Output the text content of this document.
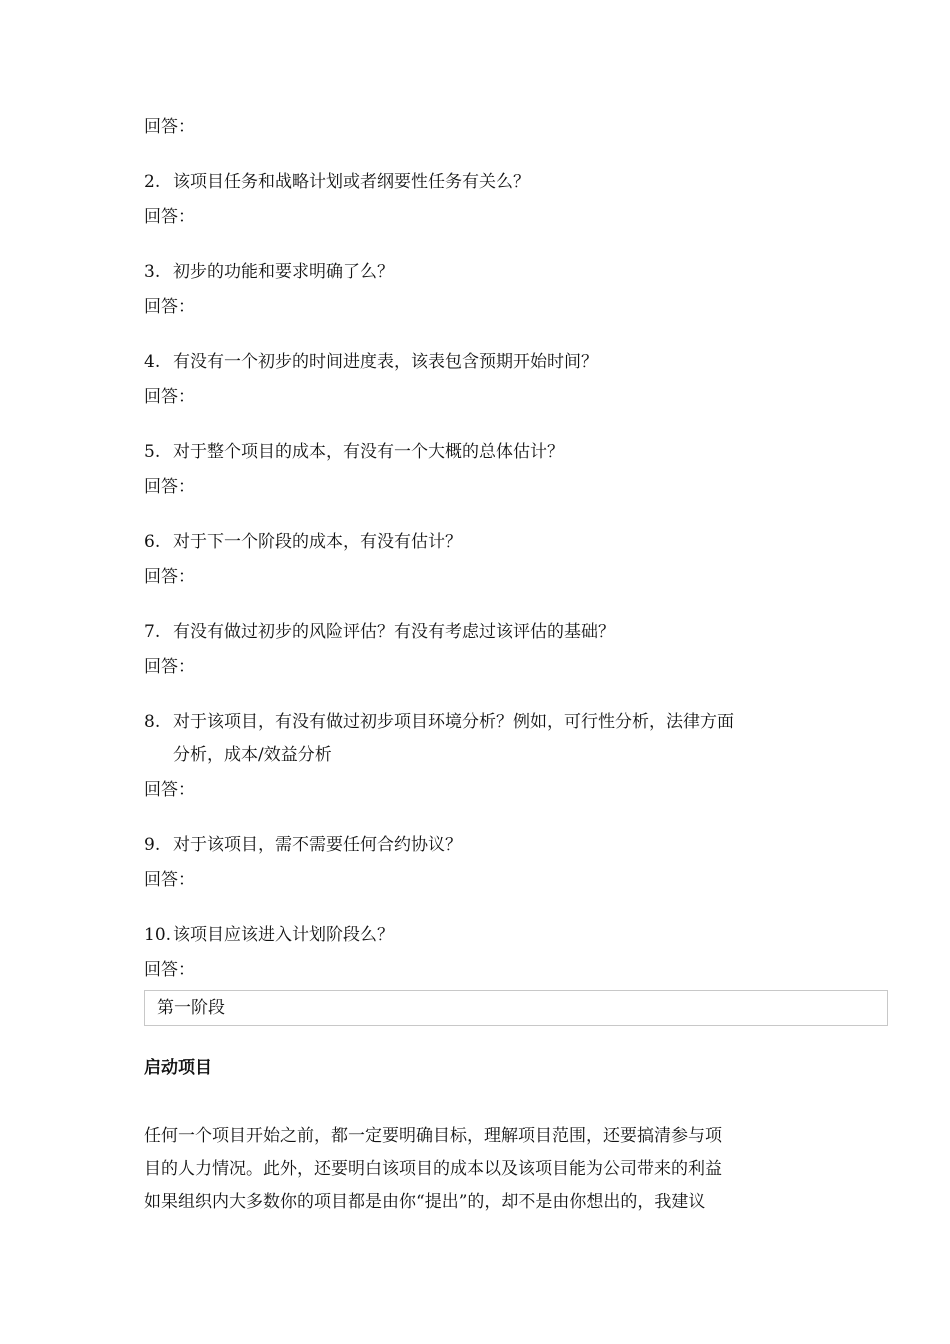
回答：
2. 该项目任务和战略计划或者纲要性任务有关么？
回答：
3. 初步的功能和要求明确了么？
回答：
4. 有没有一个初步的时间进度表，该表包含预期开始时间？
回答：
5. 对于整个项目的成本，有没有一个大概的总体估计？
回答：
6. 对于下一个阶段的成本，有没有估计？
回答：
7. 有没有做过初步的风险评估？有没有考虑过该评估的基础？
回答：
8. 对于该项目，有没有做过初步项目环境分析？例如，可行性分析，法律方面
分析，成本/效益分析
回答：
9. 对于该项目，需不需要任何合约协议？
回答：
10. 该项目应该进入计划阶段么？
回答：
第一阶段
启动项目
任何一个项目开始之前，都一定要明确目标，理解项目范围，还要搞清参与项
目的人力情况。此外，还要明白该项目的成本以及该项目能为公司带来的利益
如果组织内大多数你的项目都是由你“提出”的，却不是由你想出的，我建议
